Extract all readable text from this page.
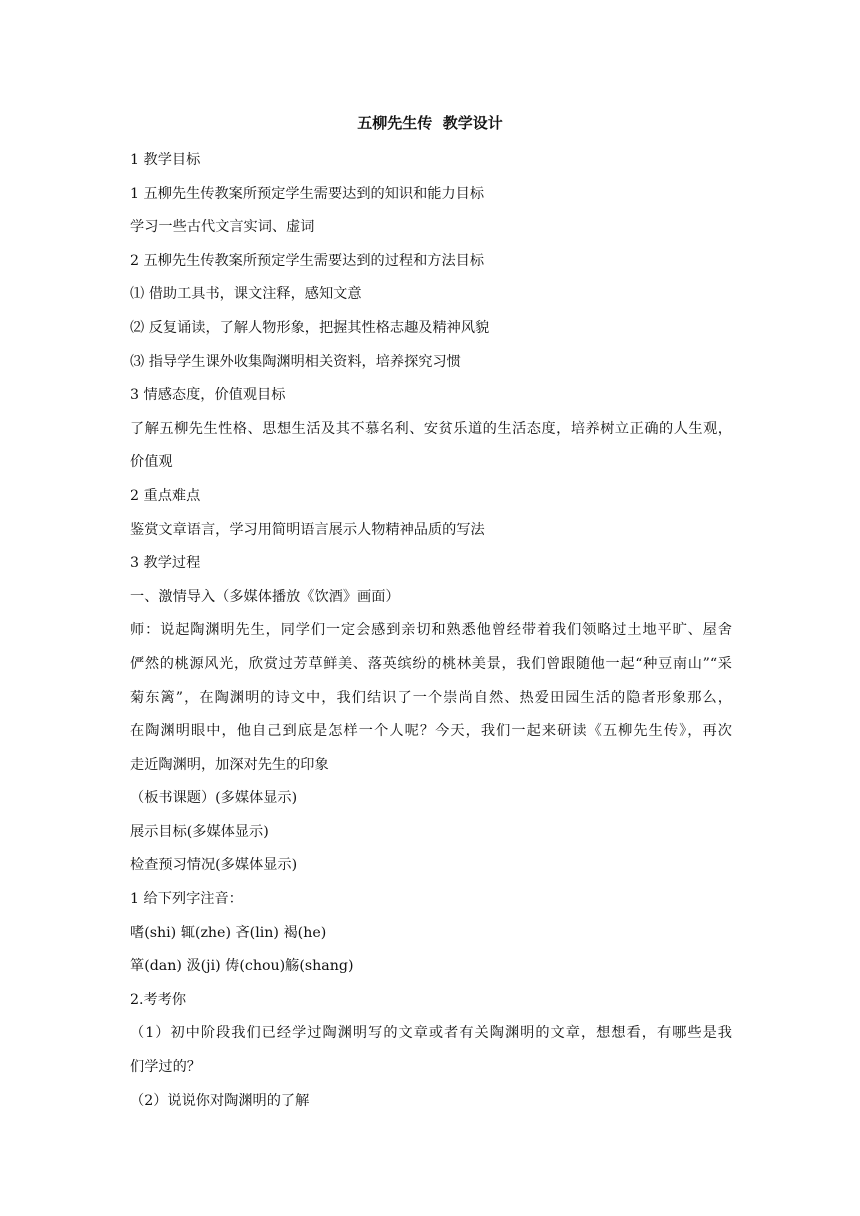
五柳先生传  教学设计
1 教学目标
1 五柳先生传教案所预定学生需要达到的知识和能力目标
学习一些古代文言实词、虚词
2 五柳先生传教案所预定学生需要达到的过程和方法目标
⑴ 借助工具书，课文注释，感知文意
⑵ 反复诵读，了解人物形象，把握其性格志趣及精神风貌
⑶ 指导学生课外收集陶渊明相关资料，培养探究习惯
3 情感态度，价值观目标
了解五柳先生性格、思想生活及其不慕名利、安贫乐道的生活态度，培养树立正确的人生观，
价值观
2 重点难点
鉴赏文章语言，学习用简明语言展示人物精神品质的写法
3 教学过程
一、激情导入（多媒体播放《饮酒》画面）
师：说起陶渊明先生，同学们一定会感到亲切和熟悉他曾经带着我们领略过土地平旷、屋舍
俨然的桃源风光，欣赏过芳草鲜美、落英缤纷的桃林美景，我们曾跟随他一起“种豆南山”“采
菊东篱”，在陶渊明的诗文中，我们结识了一个崇尚自然、热爱田园生活的隐者形象那么，
在陶渊明眼中，他自己到底是怎样一个人呢？今天，我们一起来研读《五柳先生传》，再次
走近陶渊明，加深对先生的印象
（板书课题）(多媒体显示)
展示目标(多媒体显示)
检查预习情况(多媒体显示)
1 给下列字注音：
嗜(shi) 辄(zhe) 吝(lin) 褐(he)
箪(dan) 汲(ji) 俦(chou)觞(shang)
2.考考你
（1）初中阶段我们已经学过陶渊明写的文章或者有关陶渊明的文章，想想看，有哪些是我
们学过的？
（2）说说你对陶渊明的了解
